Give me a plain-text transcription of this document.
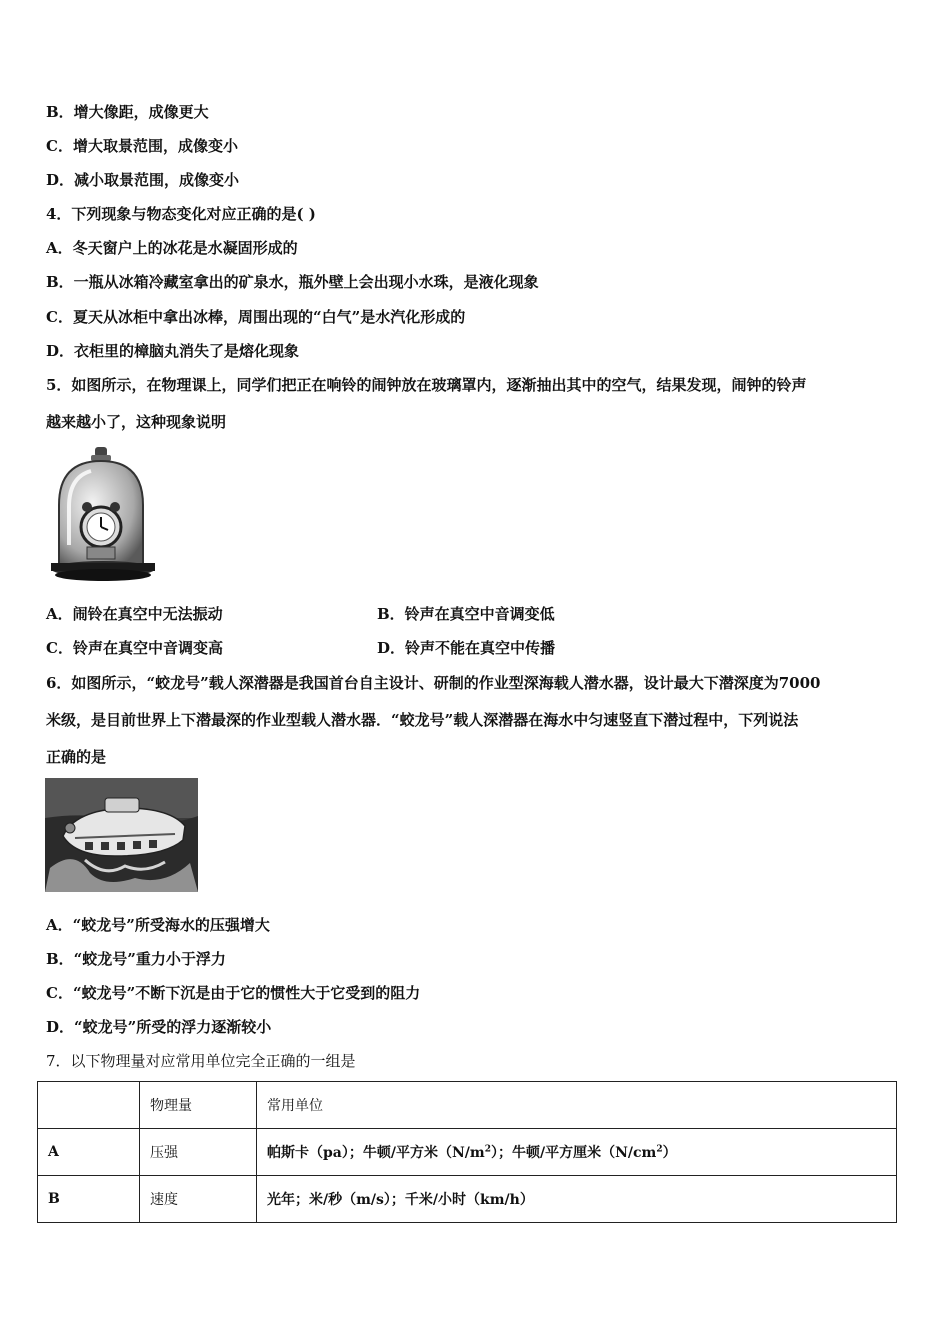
B．增大像距，成像更大
C．增大取景范围，成像变小
D．减小取景范围，成像变小
4．下列现象与物态变化对应正确的是( )
A．冬天窗户上的冰花是水凝固形成的
B．一瓶从冰箱冷藏室拿出的矿泉水，瓶外壁上会出现小水珠，是液化现象
C．夏天从冰柜中拿出冰棒，周围出现的“白气”是水汽化形成的
D．衣柜里的樟脑丸消失了是熔化现象
5．如图所示，在物理课上，同学们把正在响铃的闹钟放在玻璃罩内，逐渐抽出其中的空气，结果发现，闹钟的铃声
越来越小了，这种现象说明
A．闹铃在真空中无法振动	B．铃声在真空中音调变低
C．铃声在真空中音调变高	D．铃声不能在真空中传播
6．如图所示，“蛟龙号”载人深潜器是我国首台自主设计、研制的作业型深海载人潜水器，设计最大下潜深度为7000
米级，是目前世界上下潜最深的作业型载人潜水器．“蛟龙号”载人深潜器在海水中匀速竖直下潜过程中，下列说法
正确的是
A．“蛟龙号”所受海水的压强增大
B．“蛟龙号”重力小于浮力
C．“蛟龙号”不断下沉是由于它的惯性大于它受到的阻力
D．“蛟龙号”所受的浮力逐渐较小
7．以下物理量对应常用单位完全正确的一组是
	物理量	常用单位
A	压强	帕斯卡（pa）；牛顿/平方米$(N/m^2)$；牛顿/平方厘米$(N/cm^2)$
B	速度	光年；米/秒（m/s）；千米/小时（km/h）
